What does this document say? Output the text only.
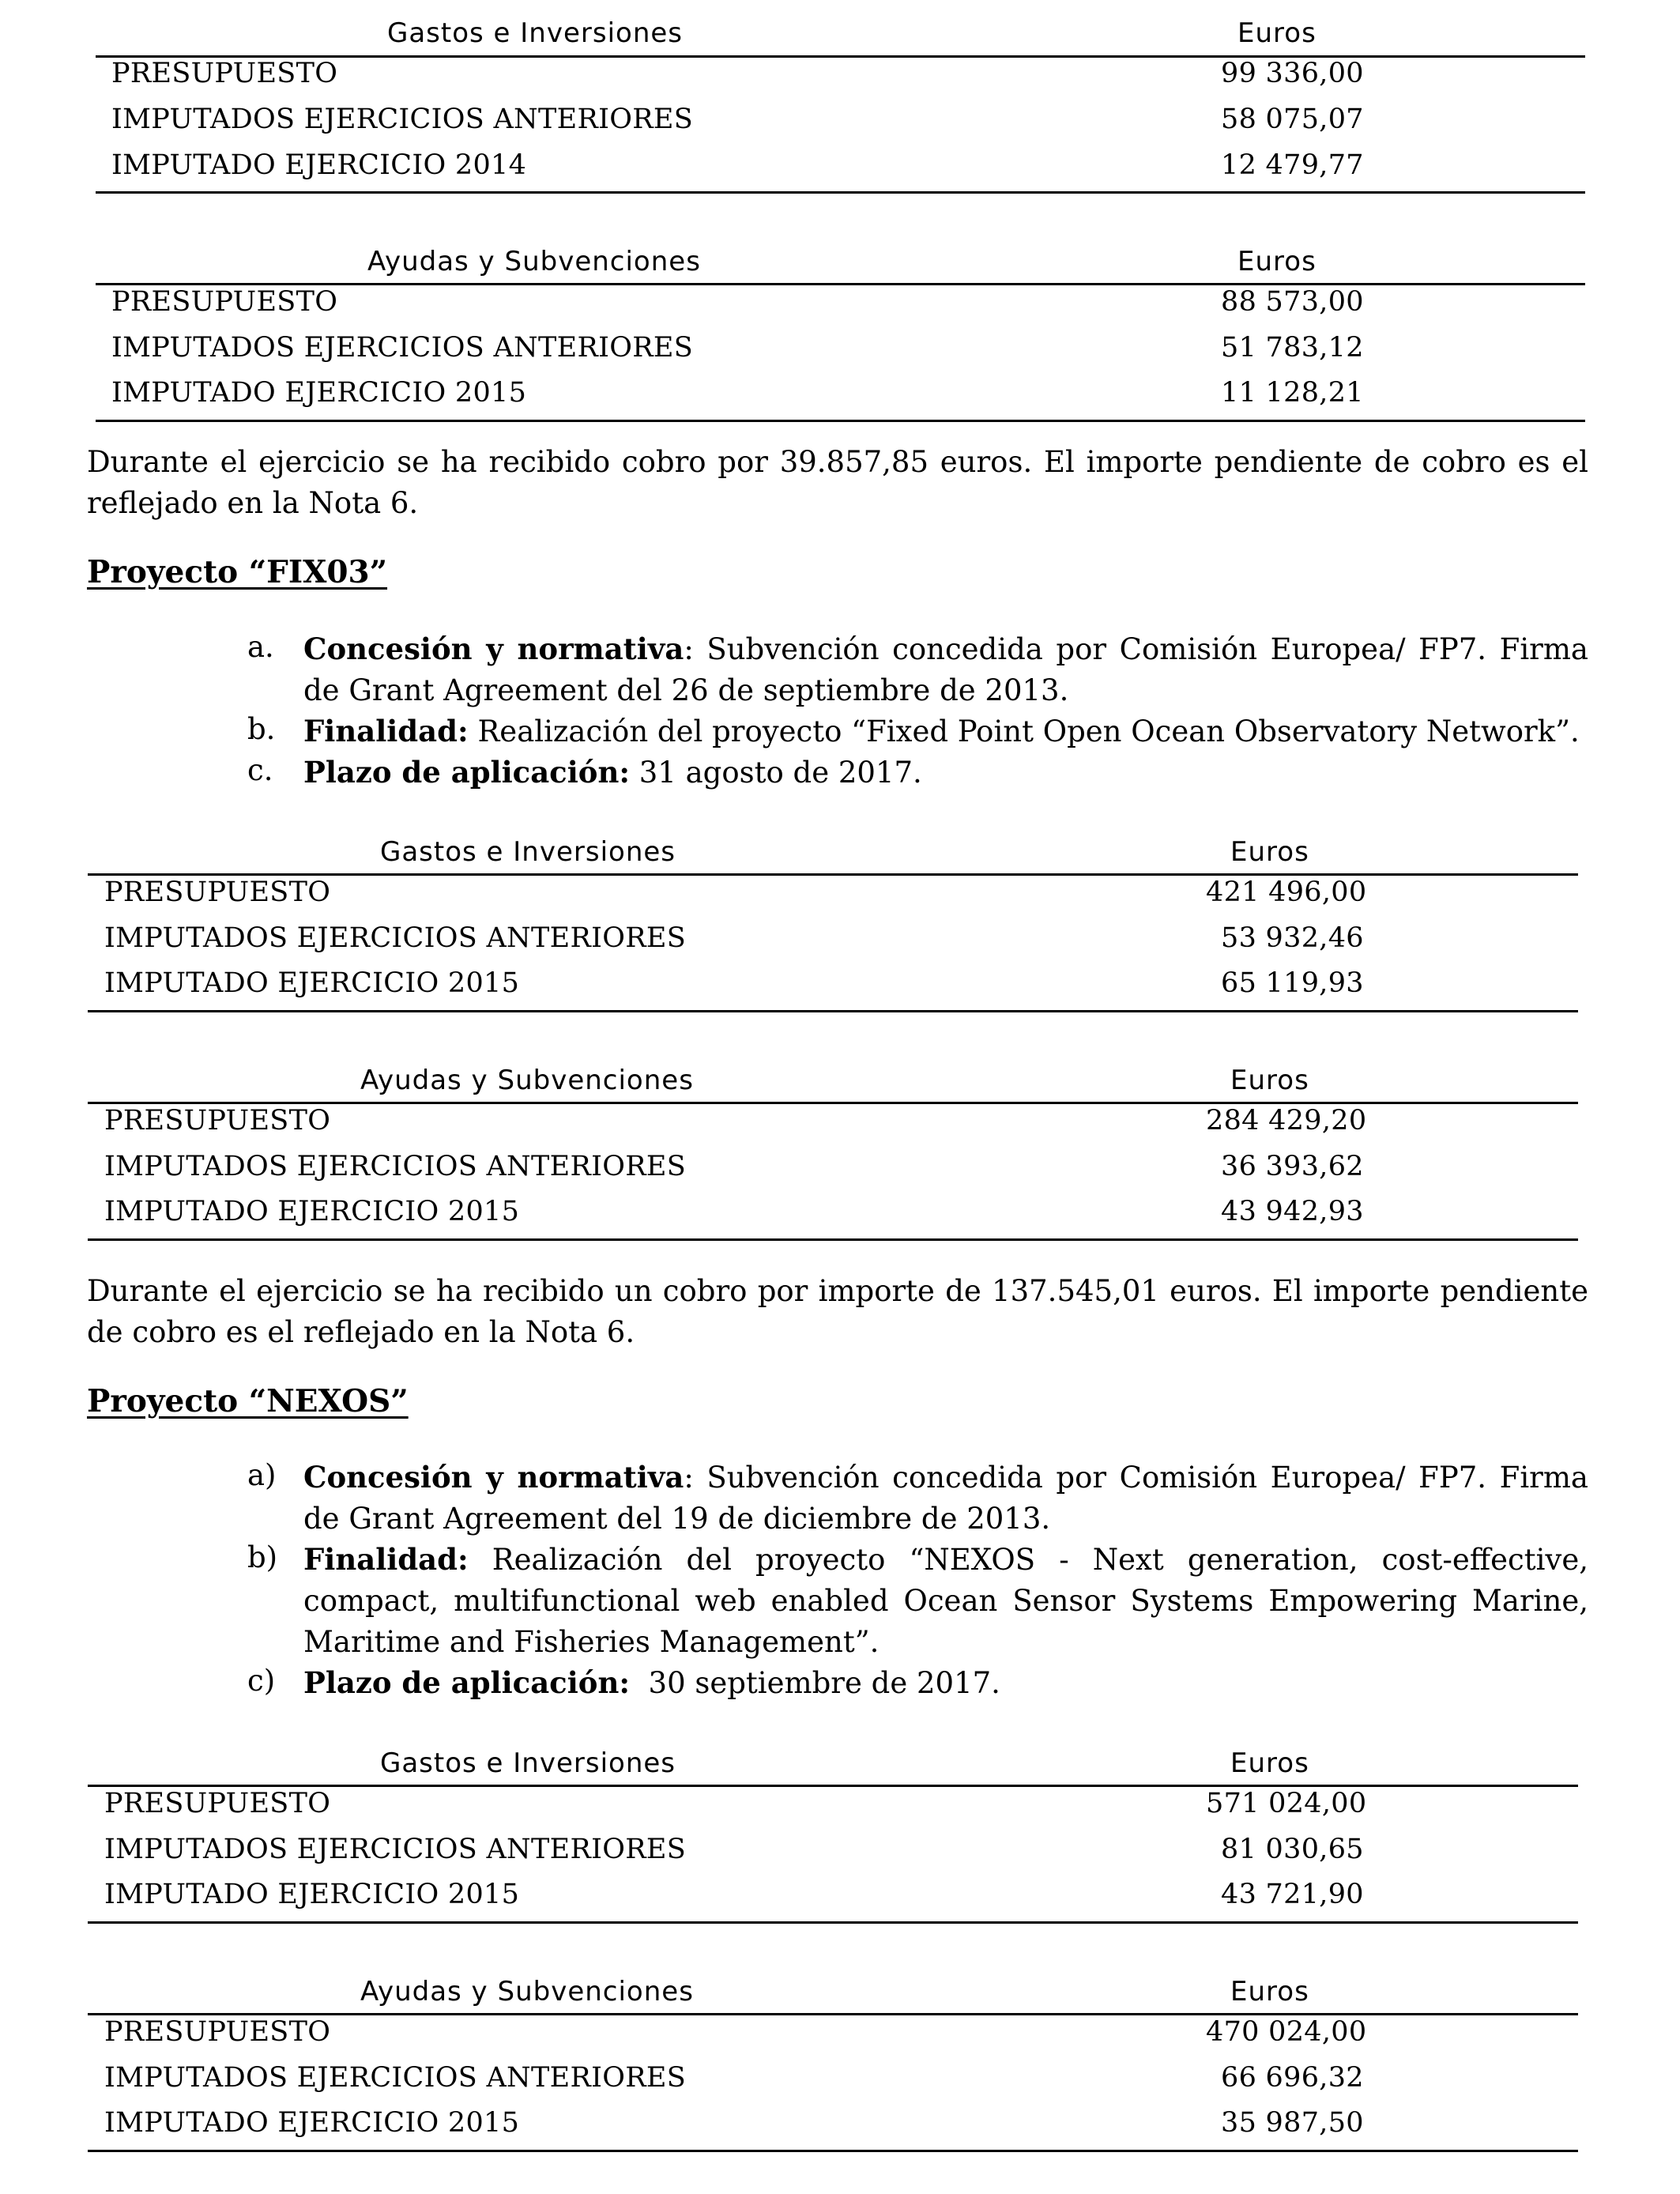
Gastos e Inversiones	Euros
PRESUPUESTO	99 336,00
IMPUTADOS EJERCICIOS ANTERIORES	58 075,07
IMPUTADO EJERCICIO 2014	12 479,77
Ayudas y Subvenciones	Euros
PRESUPUESTO	88 573,00
IMPUTADOS EJERCICIOS ANTERIORES	51 783,12
IMPUTADO EJERCICIO 2015	11 128,21
Durante el ejercicio se ha recibido cobro por 39.857,85 euros. El importe pendiente de cobro es el reflejado en la Nota 6.
Proyecto “FIX03”
a. Concesión y normativa: Subvención concedida por Comisión Europea/ FP7. Firma de Grant Agreement del 26 de septiembre de 2013.
b. Finalidad: Realización del proyecto “Fixed Point Open Ocean Observatory Network”.
c. Plazo de aplicación: 31 agosto de 2017.
Gastos e Inversiones	Euros
PRESUPUESTO	421 496,00
IMPUTADOS EJERCICIOS ANTERIORES	53 932,46
IMPUTADO EJERCICIO 2015	65 119,93
Ayudas y Subvenciones	Euros
PRESUPUESTO	284 429,20
IMPUTADOS EJERCICIOS ANTERIORES	36 393,62
IMPUTADO EJERCICIO 2015	43 942,93
Durante el ejercicio se ha recibido un cobro por importe de 137.545,01 euros. El importe pendiente de cobro es el reflejado en la Nota 6.
Proyecto “NEXOS”
a) Concesión y normativa: Subvención concedida por Comisión Europea/ FP7. Firma de Grant Agreement del 19 de diciembre de 2013.
b) Finalidad: Realización del proyecto “NEXOS - Next generation, cost-effective, compact, multifunctional web enabled Ocean Sensor Systems Empowering Marine, Maritime and Fisheries Management”.
c) Plazo de aplicación:  30 septiembre de 2017.
Gastos e Inversiones	Euros
PRESUPUESTO	571 024,00
IMPUTADOS EJERCICIOS ANTERIORES	81 030,65
IMPUTADO EJERCICIO 2015	43 721,90
Ayudas y Subvenciones	Euros
PRESUPUESTO	470 024,00
IMPUTADOS EJERCICIOS ANTERIORES	66 696,32
IMPUTADO EJERCICIO 2015	35 987,50
